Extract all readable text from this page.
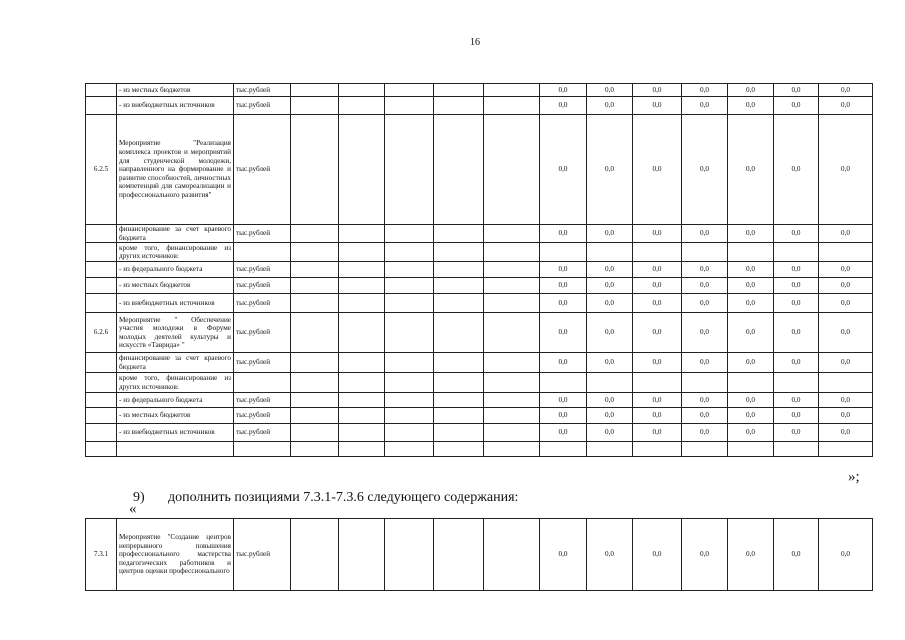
16
	- из местных бюджетов	тыс.рублей						0,0	0,0	0,0	0,0	0,0	0,0	0,0
	- из внебюджетных источников	тыс.рублей						0,0	0,0	0,0	0,0	0,0	0,0	0,0
6.2.5	Мероприятие "Реализация комплекса проектов и мероприятий для студенческой молодежи, направленного на формирование и развитие способностей, личностных компетенций для самореализации и профессионального развития"	тыс.рублей						0,0	0,0	0,0	0,0	0,0	0,0	0,0
	финансирование за счет краевого бюджета	тыс.рублей						0,0	0,0	0,0	0,0	0,0	0,0	0,0
	кроме того, финансирование из других источников:													
	- из федерального бюджета	тыс.рублей						0,0	0,0	0,0	0,0	0,0	0,0	0,0
	- из местных бюджетов	тыс.рублей						0,0	0,0	0,0	0,0	0,0	0,0	0,0
	- из внебюджетных источников	тыс.рублей						0,0	0,0	0,0	0,0	0,0	0,0	0,0
6.2.6	Мероприятие " Обеспечение участия молодежи в Форуме молодых деятелей культуры и искусств «Таврида» "	тыс.рублей						0,0	0,0	0,0	0,0	0,0	0,0	0,0
	финансирование за счет краевого бюджета	тыс.рублей						0,0	0,0	0,0	0,0	0,0	0,0	0,0
	кроме того, финансирование из других источников:													
	- из федерального бюджета	тыс.рублей						0,0	0,0	0,0	0,0	0,0	0,0	0,0
	- из местных бюджетов	тыс.рублей						0,0	0,0	0,0	0,0	0,0	0,0	0,0
	- из внебюджетных источников	тыс.рублей						0,0	0,0	0,0	0,0	0,0	0,0	0,0

»;
9) дополнить позициями 7.3.1-7.3.6 следующего содержания:
«
7.3.1	Мероприятие "Создание центров непрерывного повышения профессионального мастерства педагогических работников и центров оценки профессионального	тыс.рублей						0,0	0,0	0,0	0,0	0,0	0,0	0,0
